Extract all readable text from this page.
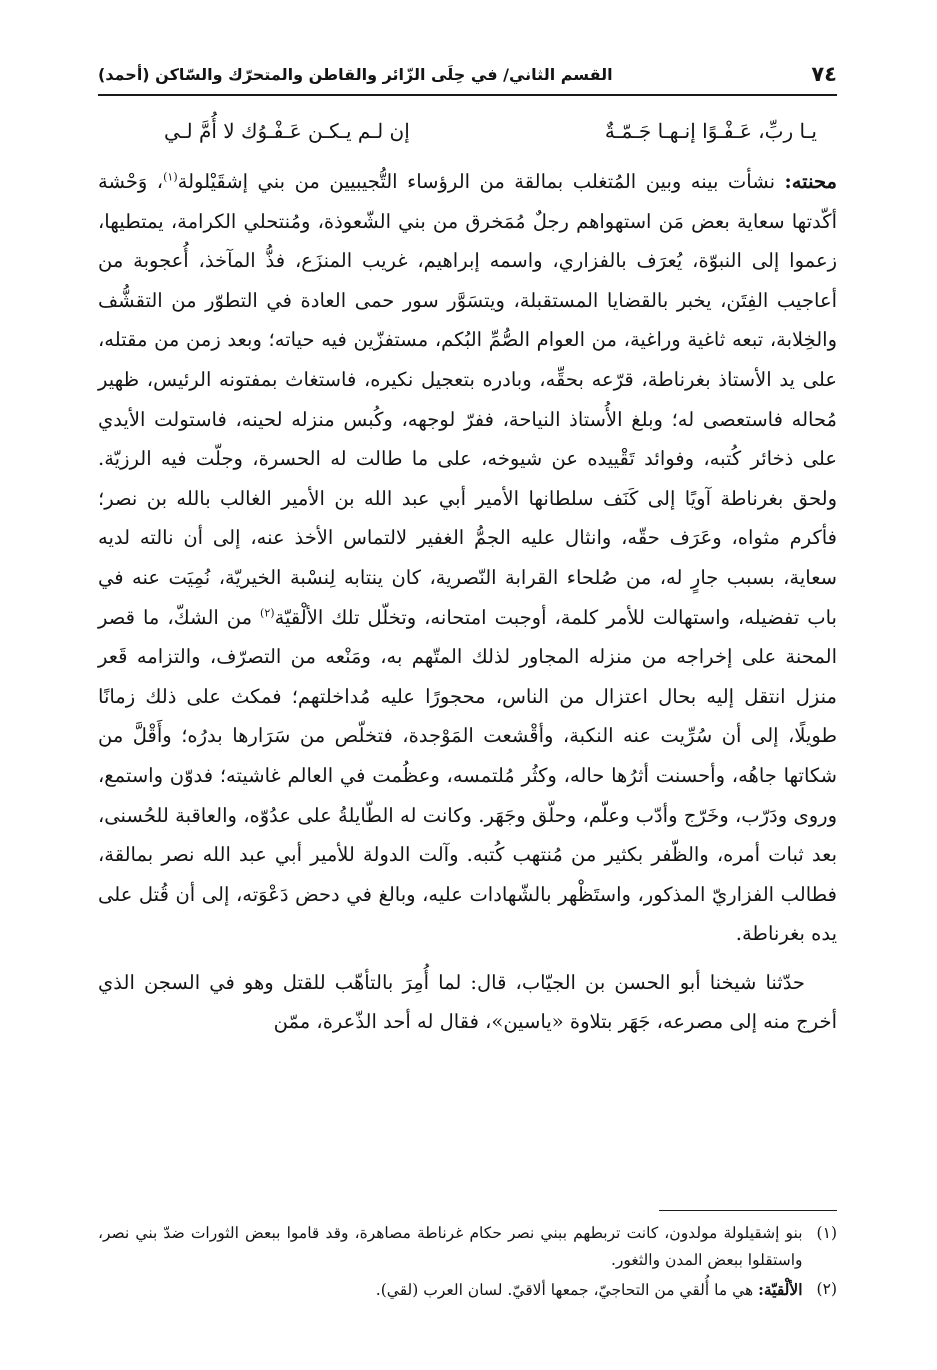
٧٤
القسم الثاني/ في حِلَى الزّائر والقاطن والمتحرّك والسّاكن (أحمد)
يـا ربِّ، عَـفْـوًا إنـهـا جَـمّـةٌ
إن لـم يـكـن عَـفْـوُك لا أُمَّ لـي

محنته: نشأت بينه وبين المُتغلب بمالقة من الرؤساء التُّجيبيين من بني إشقَيْلولة$^{(١)}$، وَحْشة أكّدتها سعاية بعض مَن استهواهم رجلٌ مُمَخرق من بني الشّعوذة، ومُنتحلي الكرامة، يمتطيها، زعموا إلى النبوّة، يُعرَف بالفزاري، واسمه إبراهيم، غريب المنزَع، فذُّ المآخذ، أُعجوبة من أعاجيب الفِتَن، يخبر بالقضايا المستقبلة، ويتسَوَّر سور حمى العادة في التطوّر من التقشُّف والخِلابة، تبعه ثاغية وراغية، من العوام الصُّمِّ البُكم، مستفزّين فيه حياته؛ وبعد زمن من مقتله، على يد الأستاذ بغرناطة، قرّعه بحقِّه، وبادره بتعجيل نكيره، فاستغاث بمفتونه الرئيس، ظهير مُحاله فاستعصى له؛ وبلغ الأُستاذ النياحة، ففرّ لوجهه، وكُبس منزله لحينه، فاستولت الأيدي على ذخائر كُتبه، وفوائد تَقْييده عن شيوخه، على ما طالت له الحسرة، وجلّت فيه الرزيّة. ولحق بغرناطة آويًا إلى كَنَف سلطانها الأمير أبي عبد الله بن الأمير الغالب بالله بن نصر؛ فأكرم مثواه، وعَرَف حقّه، وانثال عليه الجمُّ الغفير لالتماس الأخذ عنه، إلى أن نالته لديه سعاية، بسبب جارٍ له، من صُلحاء القرابة النّصرية، كان ينتابه لِنسْبة الخيريّة، نُمِيَت عنه في باب تفضيله، واستهالت للأمر كلمة، أوجبت امتحانه، وتخلّل تلك الألْقيّة$^{(٢)}$ من الشكّ، ما قصر المحنة على إخراجه من منزله المجاور لذلك المتّهم به، ومَنْعه من التصرّف، والتزامه قَعر منزل انتقل إليه بحال اعتزال من الناس، محجورًا عليه مُداخلتهم؛ فمكث على ذلك زمانًا طويلًا، إلى أن سُرِّيت عنه النكبة، وأقْشعت المَوْجدة، فتخلّص من سَرَارها بدرُه؛ وأَقْلَّ من شكاتها جاهُه، وأحسنت أثرُها حاله، وكثُر مُلتمسه، وعظُمت في العالم غاشيته؛ فدوّن واستمع، وروى ودَرّب، وخَرّج وأدّب وعلّم، وحلّق وجَهَر. وكانت له الطّايلةُ على عدُوّه، والعاقبة للحُسنى، بعد ثبات أمره، والظّفر بكثير من مُنتهب كُتبه. وآلت الدولة للأمير أبي عبد الله نصر بمالقة، فطالب الفزاريّ المذكور، واستَظْهر بالشّهادات عليه، وبالغ في دحض دَعْوَته، إلى أن قُتل على يده بغرناطة.

حدّثنا شيخنا أبو الحسن بن الجيّاب، قال: لما أُمِرَ بالتأهّب للقتل وهو في السجن الذي أخرج منه إلى مصرعه، جَهَر بتلاوة «ياسين»، فقال له أحد الذّعرة، ممّن

(١)
بنو إشقيلولة مولدون، كانت تربطهم ببني نصر حكام غرناطة مصاهرة، وقد قاموا ببعض الثورات ضدّ بني نصر، واستقلوا ببعض المدن والثغور.
(٢)
الألْقيّة: هي ما أُلقي من التحاجيّ، جمعها ألاقيّ. لسان العرب (لقي).
